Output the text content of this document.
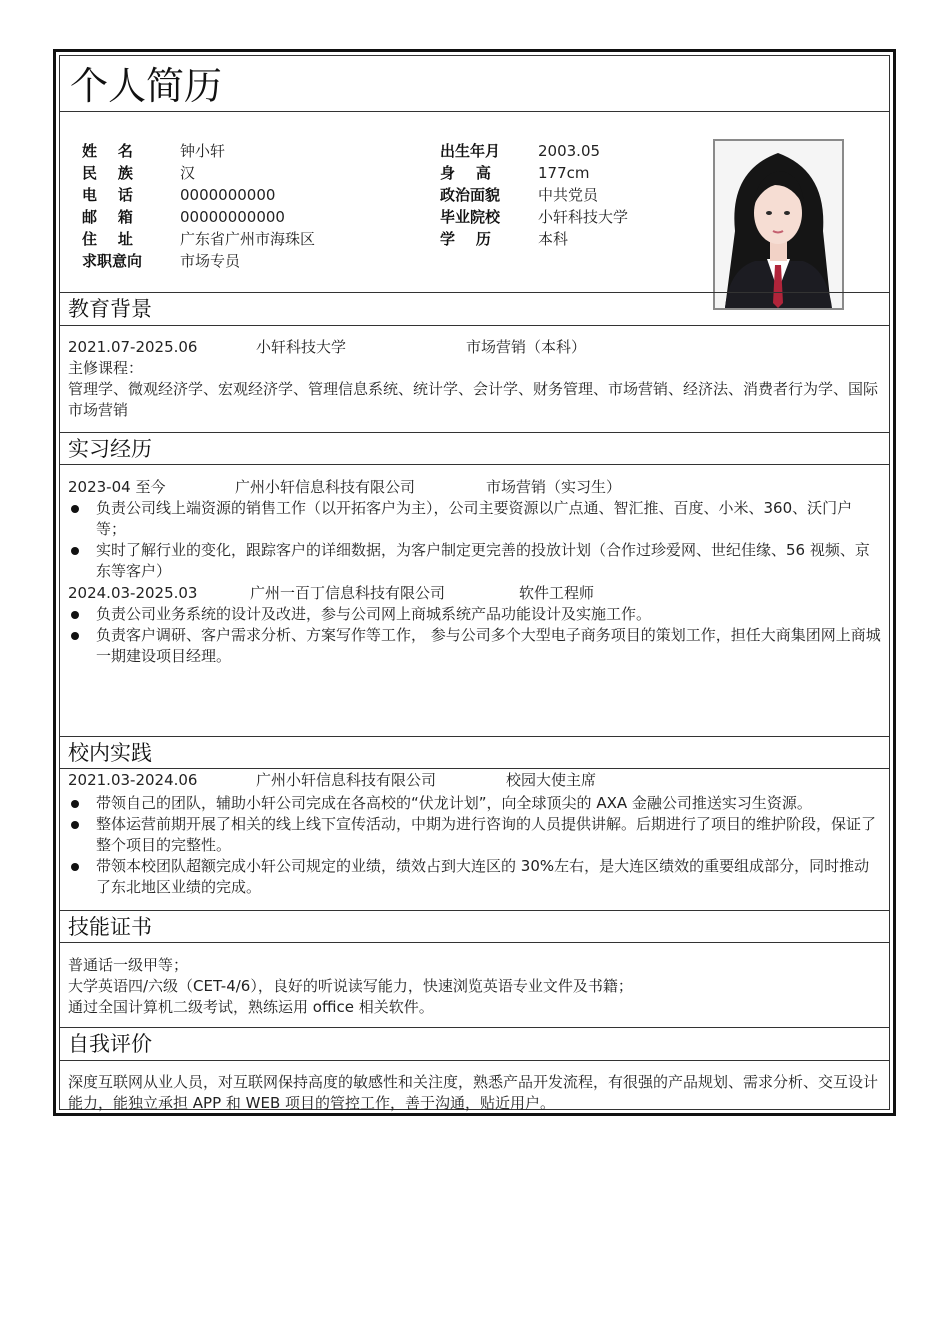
个人简历
姓    名	钟小轩
民    族	汉
电    话	0000000000
邮    箱	00000000000
住    址	广东省广州市海珠区
求职意向	市场专员
出生年月	2003.05
身    高	177cm
政治面貌	中共党员
毕业院校	小轩科技大学
学    历	本科
教育背景
2021.07-2025.06	小轩科技大学	市场营销（本科）
主修课程：
管理学、微观经济学、宏观经济学、管理信息系统、统计学、会计学、财务管理、市场营销、经济法、消费者行为学、国际市场营销
实习经历
2023-04 至今	广州小轩信息科技有限公司	市场营销（实习生）
负责公司线上端资源的销售工作（以开拓客户为主），公司主要资源以广点通、智汇推、百度、小米、360、沃门户等；
实时了解行业的变化，跟踪客户的详细数据，为客户制定更完善的投放计划（合作过珍爱网、世纪佳缘、56 视频、京东等客户）
2024.03-2025.03	广州一百丁信息科技有限公司	软件工程师
负责公司业务系统的设计及改进，参与公司网上商城系统产品功能设计及实施工作。
负责客户调研、客户需求分析、方案写作等工作， 参与公司多个大型电子商务项目的策划工作，担任大商集团网上商城一期建设项目经理。
校内实践
2021.03-2024.06	广州小轩信息科技有限公司	校园大使主席
带领自己的团队，辅助小轩公司完成在各高校的“伏龙计划”，向全球顶尖的 AXA 金融公司推送实习生资源。
整体运营前期开展了相关的线上线下宣传活动，中期为进行咨询的人员提供讲解。后期进行了项目的维护阶段，保证了整个项目的完整性。
带领本校团队超额完成小轩公司规定的业绩，绩效占到大连区的 30%左右，是大连区绩效的重要组成部分，同时推动了东北地区业绩的完成。
技能证书
普通话一级甲等；
大学英语四/六级（CET-4/6），良好的听说读写能力，快速浏览英语专业文件及书籍；
通过全国计算机二级考试，熟练运用 office 相关软件。
自我评价
深度互联网从业人员，对互联网保持高度的敏感性和关注度，熟悉产品开发流程，有很强的产品规划、需求分析、交互设计能力，能独立承担 APP 和 WEB 项目的管控工作，善于沟通，贴近用户。
